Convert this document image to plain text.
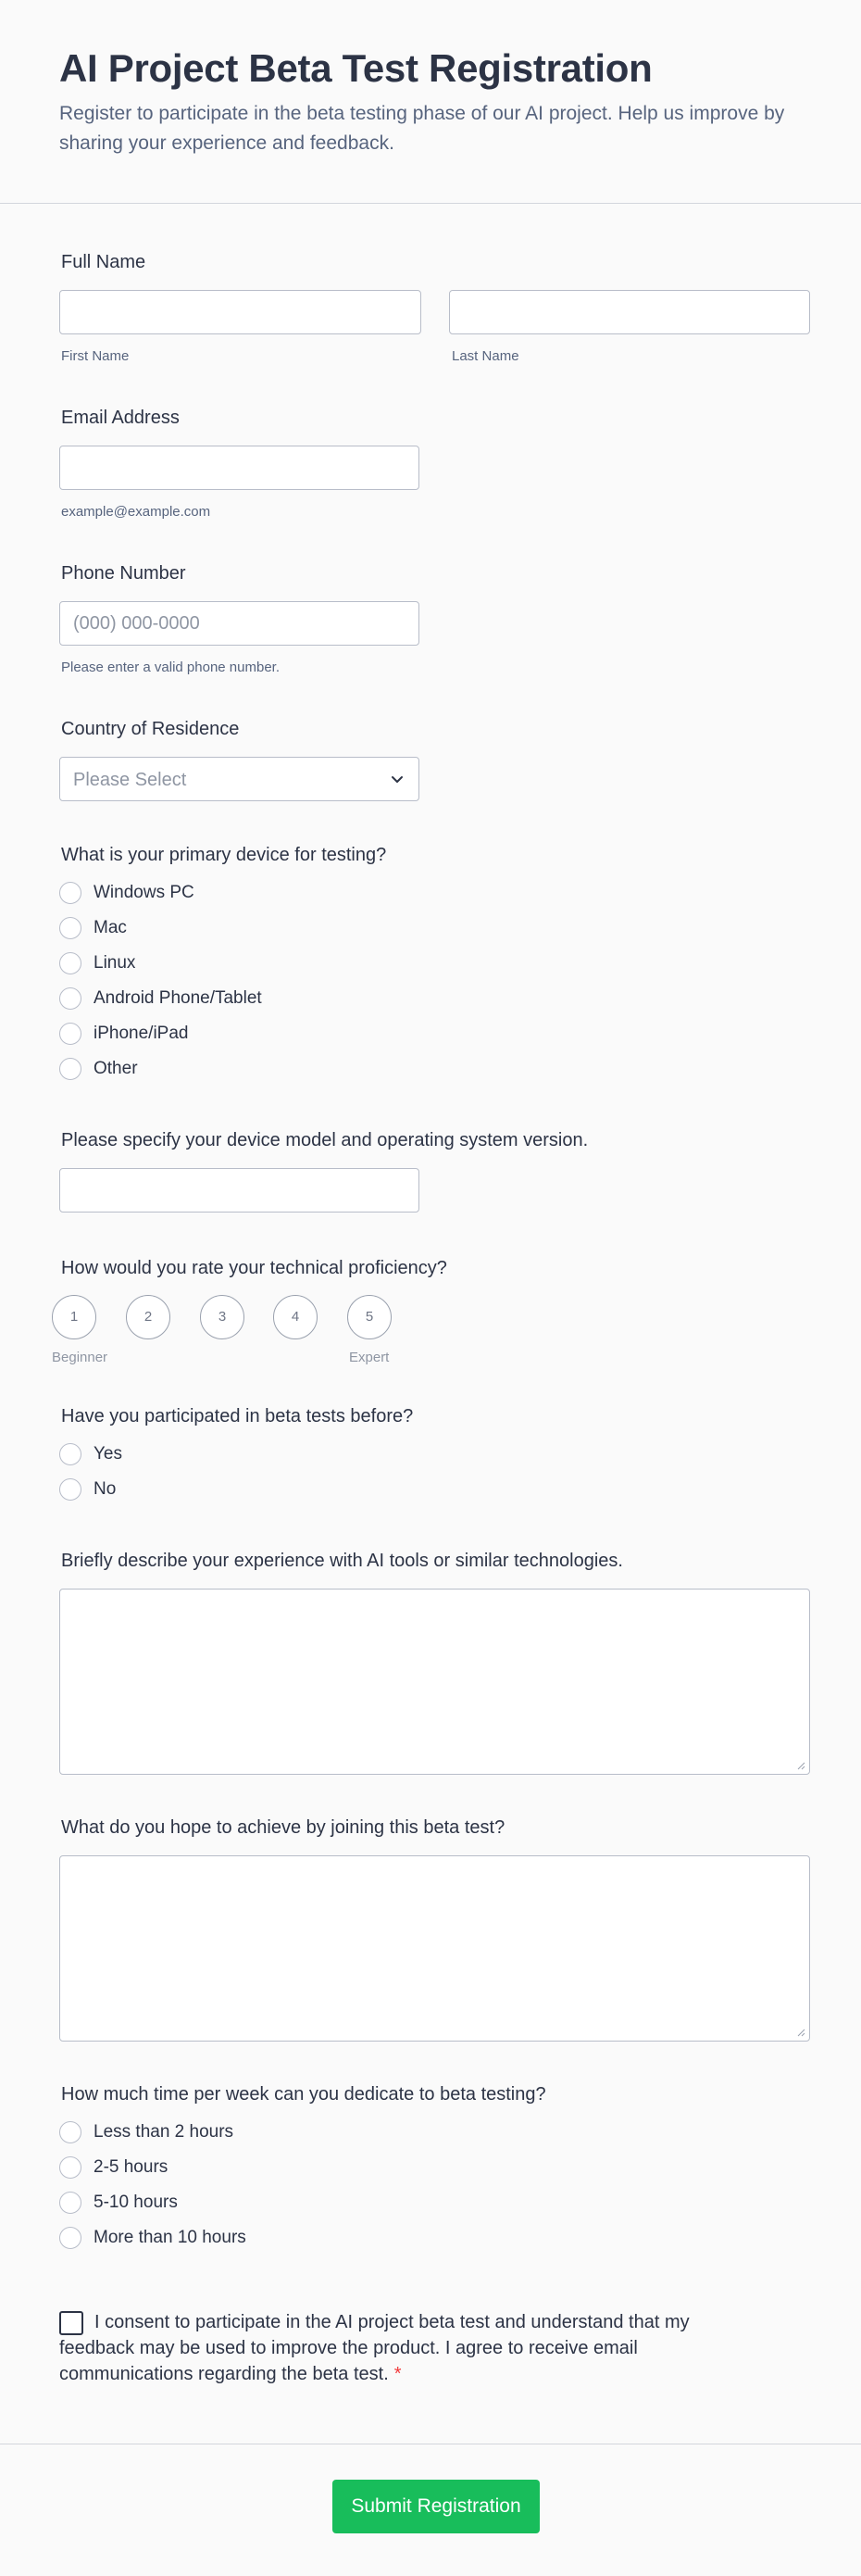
AI Project Beta Test Registration

Register to participate in the beta testing phase of our AI project. Help us improve by sharing your experience and feedback.

Full Name

First Name	Last Name

Email Address

example@example.com

Phone Number

(000) 000-0000
Please enter a valid phone number.

Country of Residence

Please Select

What is your primary device for testing?

Windows PC
Mac
Linux
Android Phone/Tablet
iPhone/iPad
Other

Please specify your device model and operating system version.

How would you rate your technical proficiency?

1	2	3	4	5
Beginner	Expert

Have you participated in beta tests before?

Yes
No

Briefly describe your experience with AI tools or similar technologies.

What do you hope to achieve by joining this beta test?

How much time per week can you dedicate to beta testing?

Less than 2 hours
2-5 hours
5-10 hours
More than 10 hours

I consent to participate in the AI project beta test and understand that my feedback may be used to improve the product. I agree to receive email communications regarding the beta test. *

Submit Registration
